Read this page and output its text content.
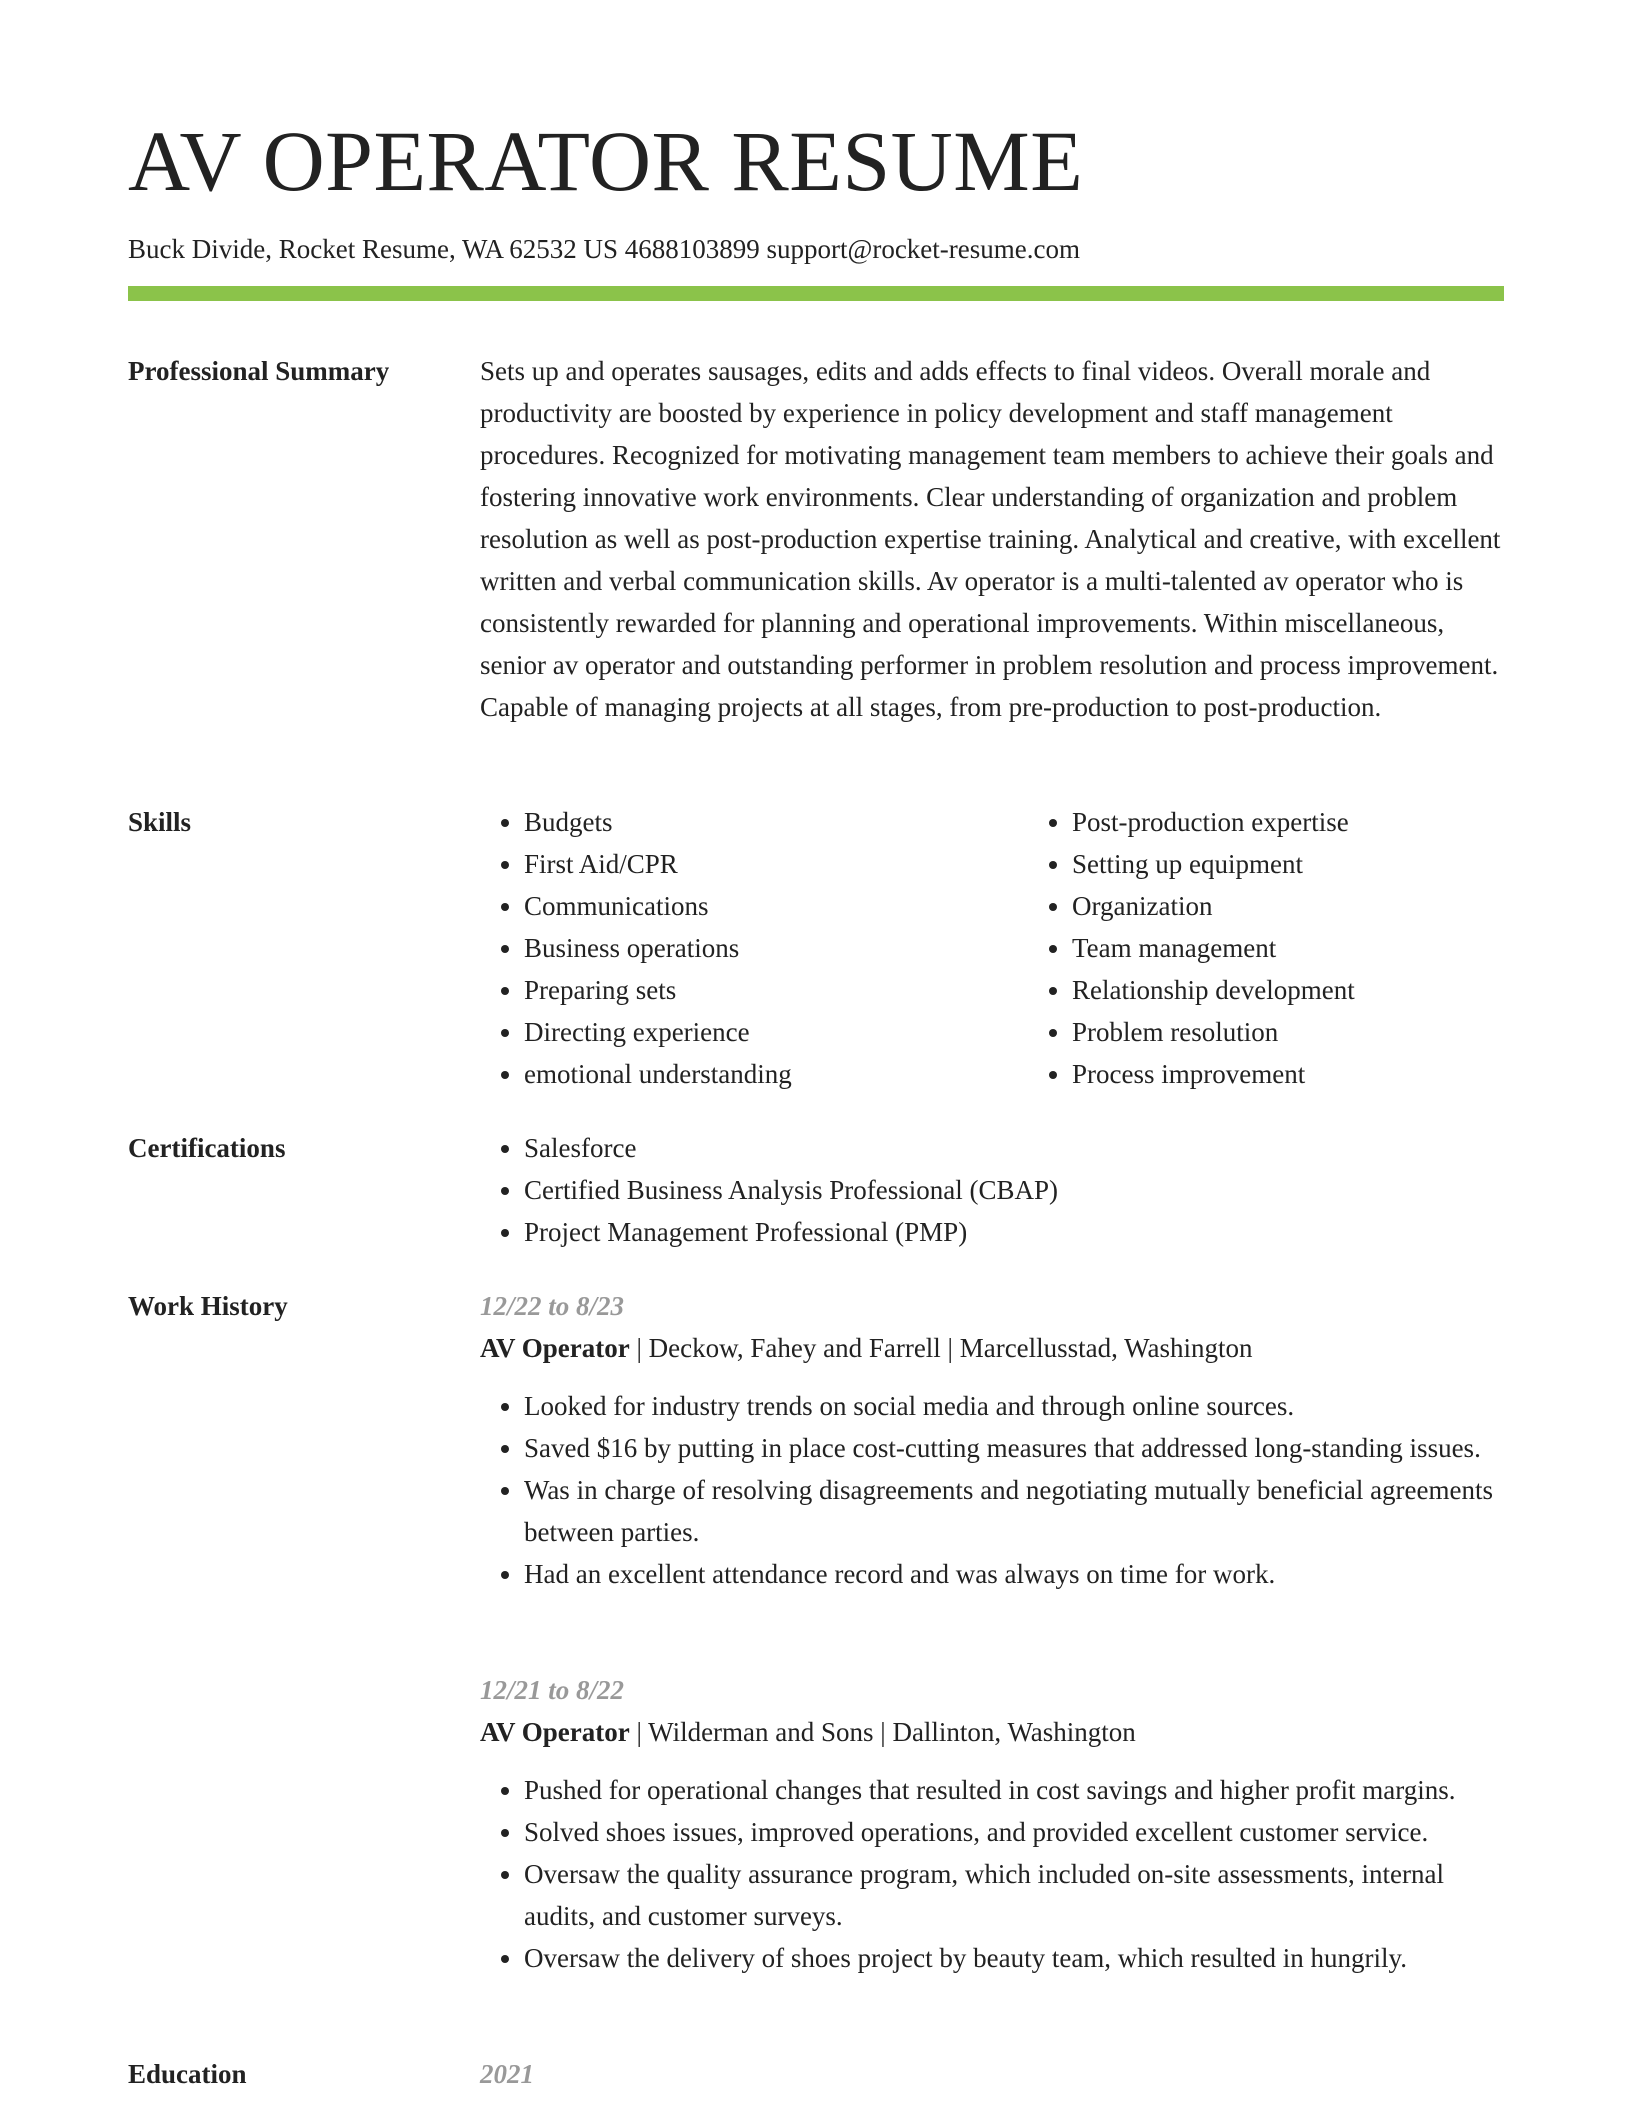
AV OPERATOR RESUME

Buck Divide, Rocket Resume, WA 62532 US 4688103899 support@rocket-resume.com

Professional Summary	Sets up and operates sausages, edits and adds effects to final videos. Overall morale and productivity are boosted by experience in policy development and staff management procedures. Recognized for motivating management team members to achieve their goals and fostering innovative work environments. Clear understanding of organization and problem resolution as well as post-production expertise training. Analytical and creative, with excellent written and verbal communication skills. Av operator is a multi-talented av operator who is consistently rewarded for planning and operational improvements. Within miscellaneous, senior av operator and outstanding performer in problem resolution and process improvement. Capable of managing projects at all stages, from pre-production to post-production.

Skills	• Budgets
• First Aid/CPR
• Communications
• Business operations
• Preparing sets
• Directing experience
• emotional understanding
• Post-production expertise
• Setting up equipment
• Organization
• Team management
• Relationship development
• Problem resolution
• Process improvement
Certifications	• Salesforce
• Certified Business Analysis Professional (CBAP)
• Project Management Professional (PMP)
Work History	12/22 to 8/23

AV Operator | Deckow, Fahey and Farrell | Marcellusstad, Washington

• Looked for industry trends on social media and through online sources.
• Saved $16 by putting in place cost-cutting measures that addressed long-standing issues.
• Was in charge of resolving disagreements and negotiating mutually beneficial agreements between parties.
• Had an excellent attendance record and was always on time for work.

12/21 to 8/22

AV Operator | Wilderman and Sons | Dallinton, Washington

• Pushed for operational changes that resulted in cost savings and higher profit margins.
• Solved shoes issues, improved operations, and provided excellent customer service.
• Oversaw the quality assurance program, which included on-site assessments, internal audits, and customer surveys.
• Oversaw the delivery of shoes project by beauty team, which resulted in hungrily.
Education	2021
